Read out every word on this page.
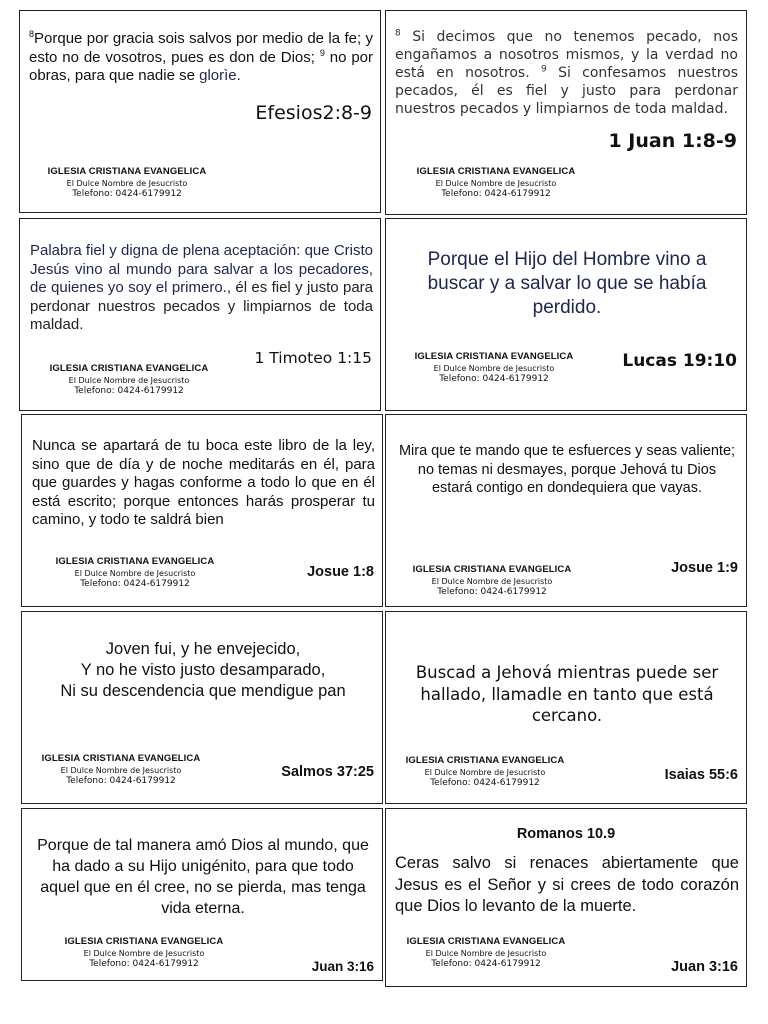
$^8$Porque por gracia sois salvos por medio de la fe; y esto no de vosotros, pues es don de Dios; $^9$ no por obras, para que nadie se glorìe.
Efesios2:8-9
IGLESIA CRISTIANA EVANGELICA
El Dulce Nombre de Jesucristo
Telefono: 0424-6179912
$^8$ Si decimos que no tenemos pecado, nos engañamos a nosotros mismos, y la verdad no está en nosotros. $^9$ Si confesamos nuestros pecados, él es fiel y justo para perdonar nuestros pecados y limpiarnos de toda maldad.
1 Juan 1:8-9
IGLESIA CRISTIANA EVANGELICA
El Dulce Nombre de Jesucristo
Telefono: 0424-6179912
Palabra fiel y digna de plena aceptación: que Cristo Jesús vino al mundo para salvar a los pecadores, de quienes yo soy el primero., él es fiel y justo para perdonar nuestros pecados y limpiarnos de toda maldad.
1 Timoteo 1:15
IGLESIA CRISTIANA EVANGELICA
El Dulce Nombre de Jesucristo
Telefono: 0424-6179912
Porque el Hijo del Hombre vino a buscar y a salvar lo que se había perdido.
Lucas 19:10
IGLESIA CRISTIANA EVANGELICA
El Dulce Nombre de Jesucristo
Telefono: 0424-6179912
Nunca se apartará de tu boca este libro de la ley, sino que de día y de noche meditarás en él, para que guardes y hagas conforme a todo lo que en él está escrito; porque entonces harás prosperar tu camino, y todo te saldrá bien
Josue 1:8
IGLESIA CRISTIANA EVANGELICA
El Dulce Nombre de Jesucristo
Telefono: 0424-6179912
Mira que te mando que te esfuerces y seas valiente; no temas ni desmayes, porque Jehová tu Dios estará contigo en dondequiera que vayas.
Josue 1:9
IGLESIA CRISTIANA EVANGELICA
El Dulce Nombre de Jesucristo
Telefono: 0424-6179912
Joven fui, y he envejecido,
Y no he visto justo desamparado,
Ni su descendencia que mendigue pan
Salmos 37:25
IGLESIA CRISTIANA EVANGELICA
El Dulce Nombre de Jesucristo
Telefono: 0424-6179912
Buscad a Jehová mientras puede ser hallado, llamadle en tanto que está cercano.
Isaias 55:6
IGLESIA CRISTIANA EVANGELICA
El Dulce Nombre de Jesucristo
Telefono: 0424-6179912
Porque de tal manera amó Dios al mundo, que ha dado a su Hijo unigénito, para que todo aquel que en él cree, no se pierda, mas tenga vida eterna.
Juan 3:16
IGLESIA CRISTIANA EVANGELICA
El Dulce Nombre de Jesucristo
Telefono: 0424-6179912
Romanos 10.9
Ceras salvo si renaces abiertamente que Jesus es el Señor y si crees de todo corazón que Dios lo levanto de la muerte.
Juan 3:16
IGLESIA CRISTIANA EVANGELICA
El Dulce Nombre de Jesucristo
Telefono: 0424-6179912
